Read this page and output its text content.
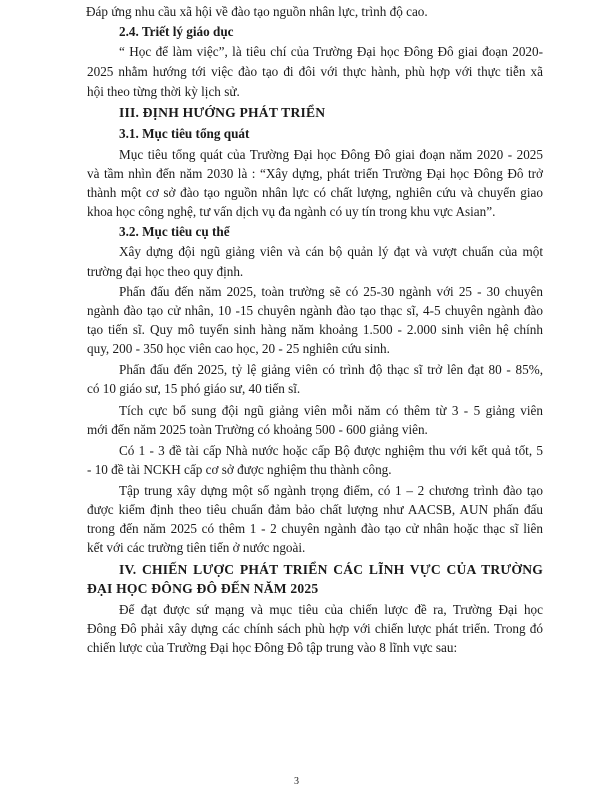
Đáp ứng nhu cầu xã hội về đào tạo nguồn nhân lực, trình độ cao.
2.4. Triết lý giáo dục
“ Học để làm việc”, là tiêu chí của Trường Đại học Đông Đô giai đoạn 2020-
2025 nhằm hướng tới việc đào tạo đi đôi với thực hành, phù hợp với thực tiễn xã
hội theo từng thời kỳ lịch sử.
III. ĐỊNH HƯỚNG PHÁT TRIỂN
3.1. Mục tiêu tổng quát
Mục tiêu tổng quát của Trường Đại học Đông Đô giai đoạn năm 2020 - 2025
và tầm nhìn đến năm 2030 là : “Xây dựng, phát triển Trường Đại học Đông Đô trở
thành một cơ sở đào tạo nguồn nhân lực có chất lượng, nghiên cứu và chuyển giao
khoa học công nghệ, tư vấn dịch vụ đa ngành có uy tín trong khu vực Asian”.
3.2. Mục tiêu cụ thể
Xây dựng đội ngũ giảng viên và cán bộ quản lý đạt và vượt chuẩn của một
trường đại học theo quy định.
Phấn đấu đến năm 2025, toàn trường sẽ có 25-30 ngành với 25 - 30 chuyên
ngành đào tạo cử nhân, 10 -15 chuyên ngành đào tạo thạc sĩ, 4-5 chuyên ngành đào
tạo tiến sĩ. Quy mô tuyển sinh hàng năm khoảng 1.500 - 2.000 sinh viên hệ chính
quy, 200 - 350 học viên cao học, 20 - 25 nghiên cứu sinh.
Phấn đấu đến 2025, tỷ lệ giảng viên có trình độ thạc sĩ trở lên đạt 80 - 85%,
có 10 giáo sư, 15 phó giáo sư, 40 tiến sĩ.
Tích cực bổ sung đội ngũ giảng viên mỗi năm có thêm từ 3 - 5 giảng viên
mới đến năm 2025 toàn Trường có khoảng 500 - 600 giảng viên.
Có 1 - 3 đề tài cấp Nhà nước hoặc cấp Bộ được nghiệm thu với kết quả tốt, 5
- 10 đề tài NCKH cấp cơ sở được nghiệm thu thành công.
Tập trung xây dựng một số ngành trọng điểm, có 1 – 2 chương trình đào tạo
được kiểm định theo tiêu chuẩn đảm bảo chất lượng như AACSB, AUN phấn đấu
trong đến năm 2025 có thêm 1 - 2 chuyên ngành đào tạo cử nhân hoặc thạc sĩ liên
kết với các trường tiên tiến ở nước ngoài.
IV. CHIẾN LƯỢC PHÁT TRIỂN CÁC LĨNH VỰC CỦA TRƯỜNG
ĐẠI HỌC ĐÔNG ĐÔ ĐẾN NĂM 2025
Để đạt được sứ mạng và mục tiêu của chiến lược đề ra, Trường Đại học
Đông Đô phải xây dựng các chính sách phù hợp với chiến lược phát triển. Trong đó
chiến lược của Trường Đại học Đông Đô tập trung vào 8 lĩnh vực sau:
3
